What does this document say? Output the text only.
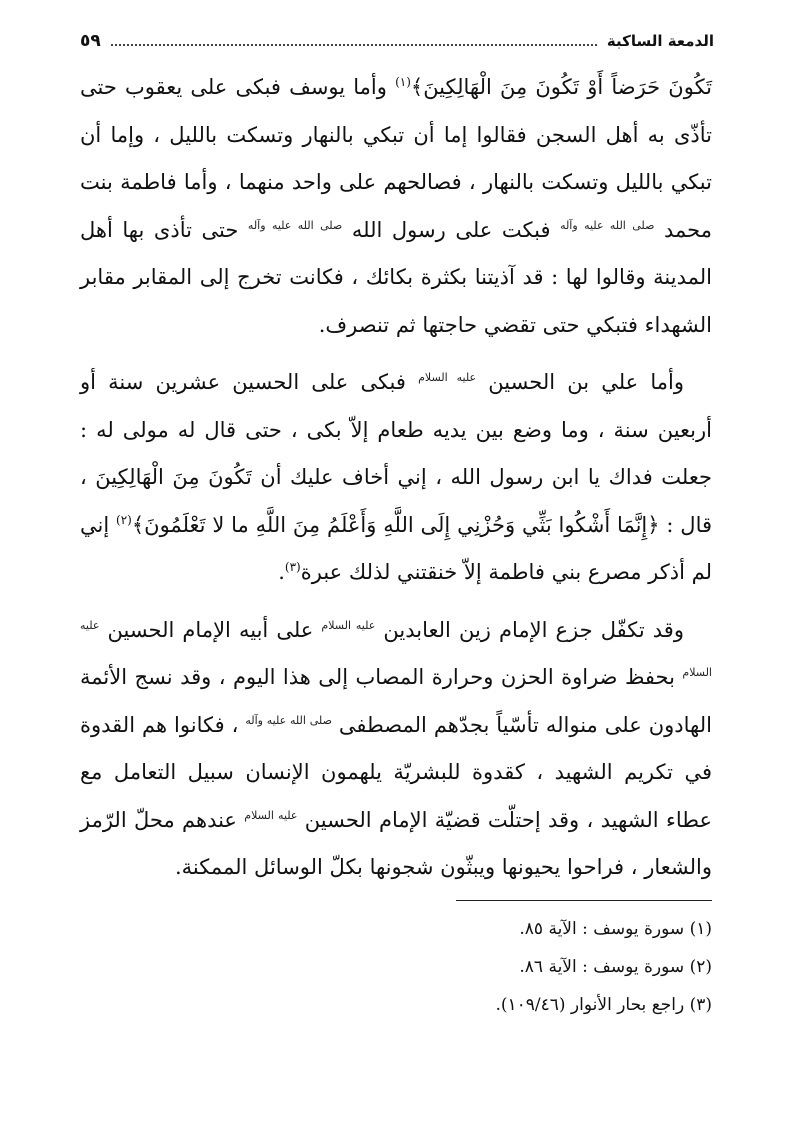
٥٩	الدمعة الساكبة

تَكُونَ حَرَضاً أَوْ تَكُونَ مِنَ الْهَالِكِينَ﴾$^{(١)}$ وأما يوسف فبكى على يعقوب حتى تأذّى به أهل السجن فقالوا إما أن تبكي بالنهار وتسكت بالليل ، وإما أن تبكي بالليل وتسكت بالنهار ، فصالحهم على واحد منهما ، وأما فاطمة بنت محمد $^{صلى الله عليه وآله}$ فبكت على رسول الله $^{صلى الله عليه وآله}$ حتى تأذى بها أهل المدينة وقالوا لها : قد آذيتنا بكثرة بكائك ، فكانت تخرج إلى المقابر مقابر الشهداء فتبكي حتى تقضي حاجتها ثم تنصرف.

وأما علي بن الحسين $^{عليه السلام}$ فبكى على الحسين عشرين سنة أو أربعين سنة ، وما وضع بين يديه طعام إلاّ بكى ، حتى قال له مولى له : جعلت فداك يا ابن رسول الله ، إني أخاف عليك أن تَكُونَ مِنَ الْهَالِكِينَ ، قال : ﴿إِنَّمَا أَشْكُوا بَثِّي وَحُزْنِي إِلَى اللَّهِ وَأَعْلَمُ مِنَ اللَّهِ ما لا تَعْلَمُونَ﴾$^{(٢)}$ إني لم أذكر مصرع بني فاطمة إلاّ خنقتني لذلك عبرة$^{(٣)}$.

وقد تكفّل جزع الإمام زين العابدين $^{عليه السلام}$ على أبيه الإمام الحسين $^{عليه السلام}$ بحفظ ضراوة الحزن وحرارة المصاب إلى هذا اليوم ، وقد نسج الأئمة الهادون على منواله تأسّياً بجدّهم المصطفى $^{صلى الله عليه وآله}$ ، فكانوا هم القدوة في تكريم الشهيد ، كقدوة للبشريّة يلهمون الإنسان سبيل التعامل مع عطاء الشهيد ، وقد إحتلّت قضيّة الإمام الحسين $^{عليه السلام}$ عندهم محلّ الرّمز والشعار ، فراحوا يحيونها ويبثّون شجونها بكلّ الوسائل الممكنة.

(١) سورة يوسف : الآية ٨٥.

(٢) سورة يوسف : الآية ٨٦.

(٣) راجع بحار الأنوار (١٠٩/٤٦).
